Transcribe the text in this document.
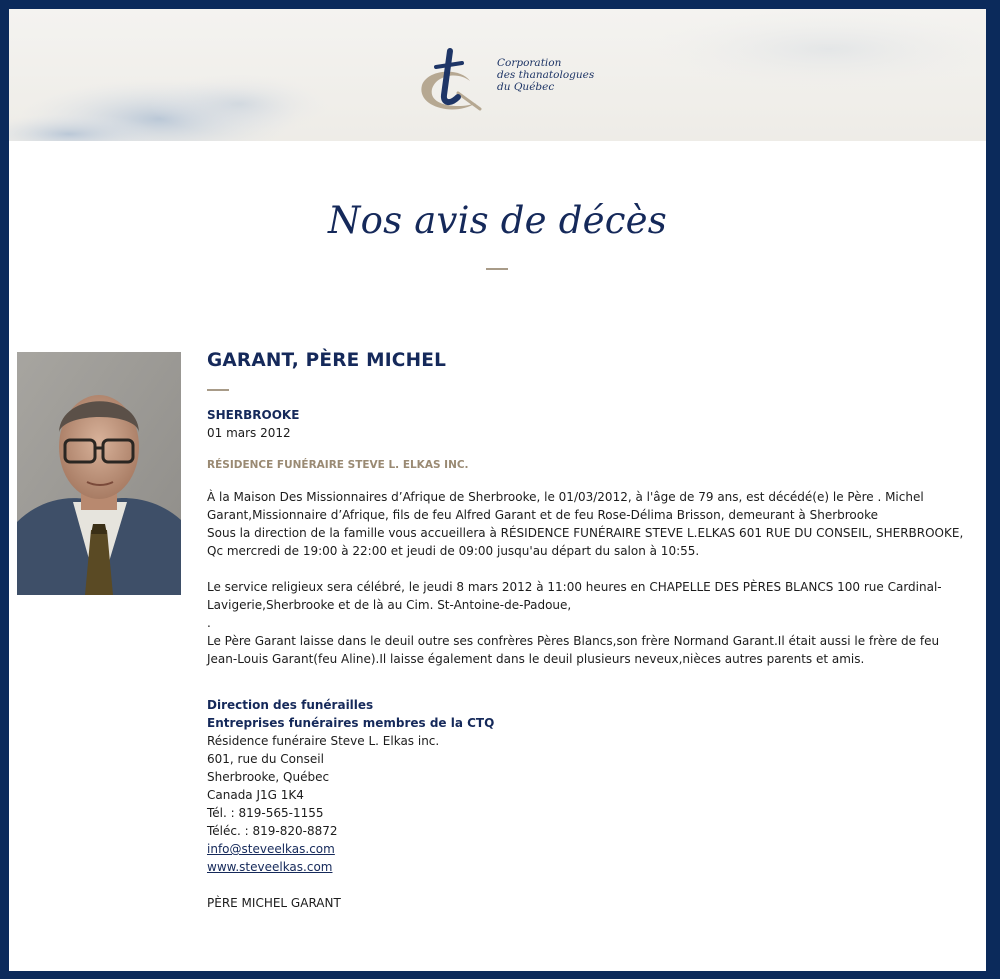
Corporation
des thanatologues
du Québec
Nos avis de décès
GARANT, PÈRE MICHEL
SHERBROOKE
01 mars 2012
RÉSIDENCE FUNÉRAIRE STEVE L. ELKAS INC.

À la Maison Des Missionnaires d’Afrique de Sherbrooke, le 01/03/2012, à l'âge de 79 ans, est décédé(e) le Père . Michel Garant,Missionnaire d’Afrique, fils de feu Alfred Garant et de feu Rose-Délima Brisson, demeurant à Sherbrooke

Sous la direction de la famille vous accueillera à RÉSIDENCE FUNÉRAIRE STEVE L.ELKAS 601 RUE DU CONSEIL, SHERBROOKE, Qc mercredi de 19:00 à 22:00 et jeudi de 09:00 jusqu'au départ du salon à 10:55.

Le service religieux sera célébré, le jeudi 8 mars 2012 à 11:00 heures en CHAPELLE DES PÈRES BLANCS 100 rue Cardinal-Lavigerie,Sherbrooke et de là au Cim. St-Antoine-de-Padoue,

.

Le Père Garant laisse dans le deuil outre ses confrères Pères Blancs,son frère Normand Garant.Il était aussi le frère de feu Jean-Louis Garant(feu Aline).Il laisse également dans le deuil plusieurs neveux,nièces autres parents et amis.

Direction des funérailles
Entreprises funéraires membres de la CTQ
Résidence funéraire Steve L. Elkas inc.
601, rue du Conseil
Sherbrooke, Québec
Canada J1G 1K4
Tél. : 819-565-1155
Téléc. : 819-820-8872
info@steveelkas.com
www.steveelkas.com
PÈRE MICHEL GARANT
